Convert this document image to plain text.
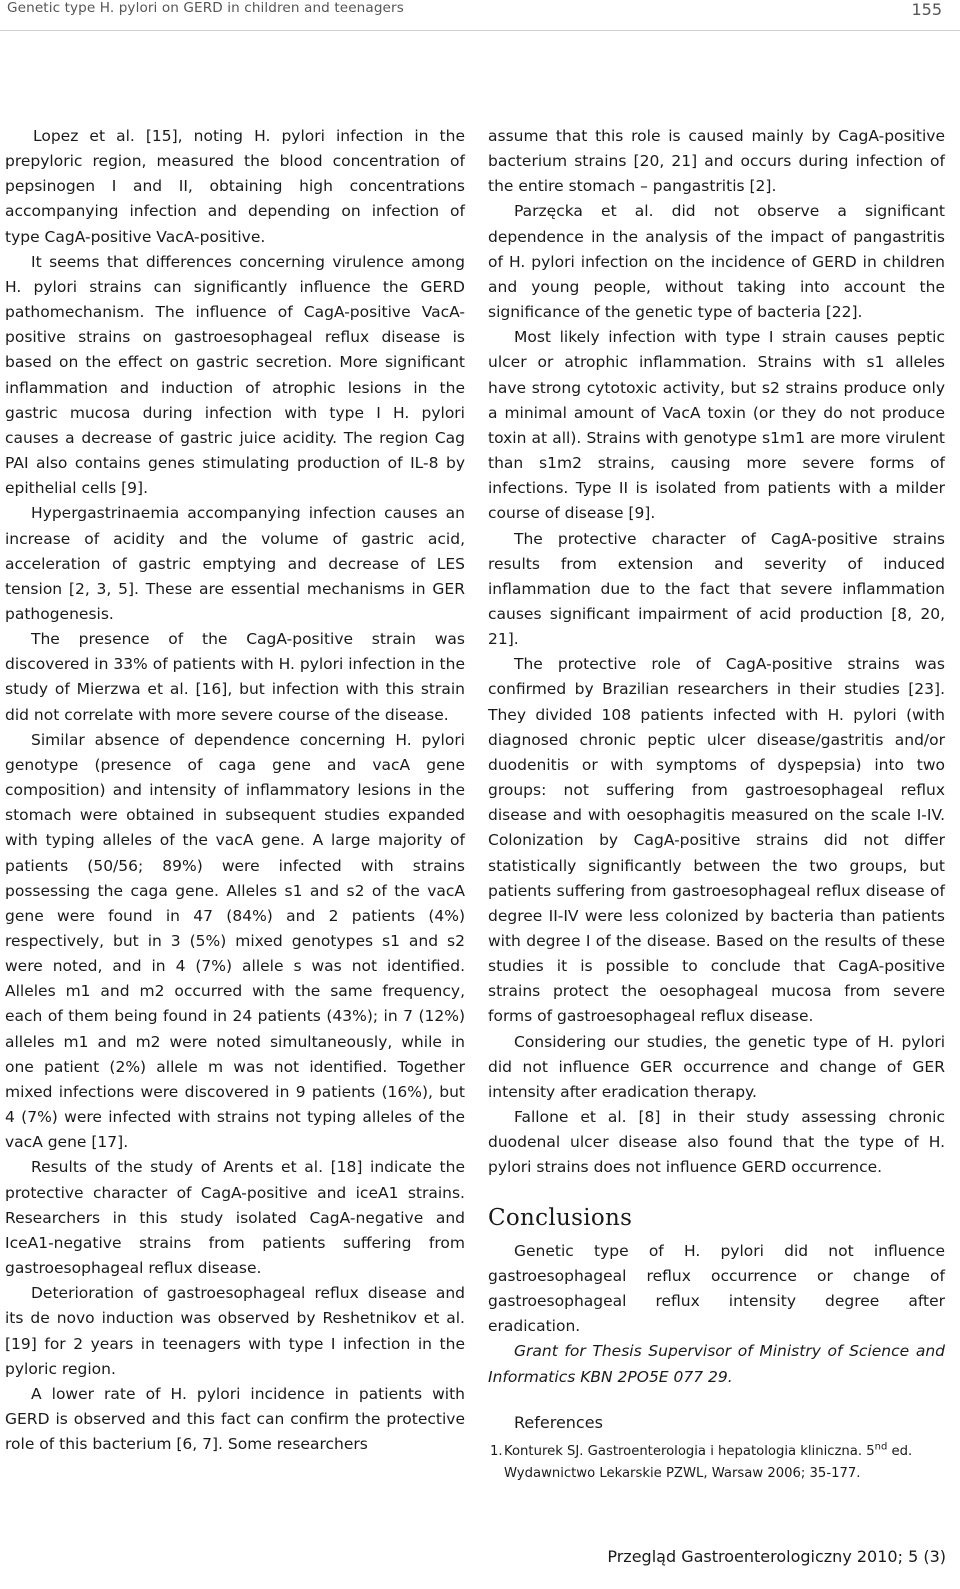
Genetic type H. pylori on GERD in children and teenagers	155

Lopez et al. [15], noting H. pylori infection in the prepyloric region, measured the blood concentration of pepsinogen I and II, obtaining high concentrations accompanying infection and depending on infection of type CagA-positive VacA-positive.

It seems that differences concerning virulence among H. pylori strains can significantly influence the GERD pathomechanism. The influence of CagA-positive VacA-positive strains on gastroesophageal reflux disease is based on the effect on gastric secretion. More significant inflammation and induction of atrophic lesions in the gastric mucosa during infection with type I H. pylori causes a decrease of gastric juice acidity. The region Cag PAI also contains genes stimulating production of IL-8 by epithelial cells [9].

Hypergastrinaemia accompanying infection causes an increase of acidity and the volume of gastric acid, acceleration of gastric emptying and decrease of LES tension [2, 3, 5]. These are essential mechanisms in GER pathogenesis.

The presence of the CagA-positive strain was discovered in 33% of patients with H. pylori infection in the study of Mierzwa et al. [16], but infection with this strain did not correlate with more severe course of the disease.

Similar absence of dependence concerning H. pylori genotype (presence of caga gene and vacA gene composition) and intensity of inflammatory lesions in the stomach were obtained in subsequent studies expanded with typing alleles of the vacA gene. A large majority of patients (50/56; 89%) were infected with strains possessing the caga gene. Alleles s1 and s2 of the vacA gene were found in 47 (84%) and 2 patients (4%) respectively, but in 3 (5%) mixed genotypes s1 and s2 were noted, and in 4 (7%) allele s was not identified. Alleles m1 and m2 occurred with the same frequency, each of them being found in 24 patients (43%); in 7 (12%) alleles m1 and m2 were noted simultaneously, while in one patient (2%) allele m was not identified. Together mixed infections were discovered in 9 patients (16%), but 4 (7%) were infected with strains not typing alleles of the vacA gene [17].

Results of the study of Arents et al. [18] indicate the protective character of CagA-positive and iceA1 strains. Researchers in this study isolated CagA-negative and IceA1-negative strains from patients suffering from gastroesophageal reflux disease.

Deterioration of gastroesophageal reflux disease and its de novo induction was observed by Reshetnikov et al. [19] for 2 years in teenagers with type I infection in the pyloric region.

A lower rate of H. pylori incidence in patients with GERD is observed and this fact can confirm the protective role of this bacterium [6, 7]. Some researchers

assume that this role is caused mainly by CagA-positive bacterium strains [20, 21] and occurs during infection of the entire stomach – pangastritis [2].

Parzęcka et al. did not observe a significant dependence in the analysis of the impact of pangastritis of H. pylori infection on the incidence of GERD in children and young people, without taking into account the significance of the genetic type of bacteria [22].

Most likely infection with type I strain causes peptic ulcer or atrophic inflammation. Strains with s1 alleles have strong cytotoxic activity, but s2 strains produce only a minimal amount of VacA toxin (or they do not produce toxin at all). Strains with genotype s1m1 are more virulent than s1m2 strains, causing more severe forms of infections. Type II is isolated from patients with a milder course of disease [9].

The protective character of CagA-positive strains results from extension and severity of induced inflammation due to the fact that severe inflammation causes significant impairment of acid production [8, 20, 21].

The protective role of CagA-positive strains was confirmed by Brazilian researchers in their studies [23]. They divided 108 patients infected with H. pylori (with diagnosed chronic peptic ulcer disease/gastritis and/or duodenitis or with symptoms of dyspepsia) into two groups: not suffering from gastroesophageal reflux disease and with oesophagitis measured on the scale I-IV. Colonization by CagA-positive strains did not differ statistically significantly between the two groups, but patients suffering from gastroesophageal reflux disease of degree II-IV were less colonized by bacteria than patients with degree I of the disease. Based on the results of these studies it is possible to conclude that CagA-positive strains protect the oesophageal mucosa from severe forms of gastroesophageal reflux disease.

Considering our studies, the genetic type of H. pylori did not influence GER occurrence and change of GER intensity after eradication therapy.

Fallone et al. [8] in their study assessing chronic duodenal ulcer disease also found that the type of H. pylori strains does not influence GERD occurrence.

Conclusions

Genetic type of H. pylori did not influence gastroesophageal reflux occurrence or change of gastroesophageal reflux intensity degree after eradication.

Grant for Thesis Supervisor of Ministry of Science and Informatics KBN 2PO5E 077 29.

References
1. Konturek SJ. Gastroenterologia i hepatologia kliniczna. 5nd ed. Wydawnictwo Lekarskie PZWL, Warsaw 2006; 35-177.
Przegląd Gastroenterologiczny 2010; 5 (3)
